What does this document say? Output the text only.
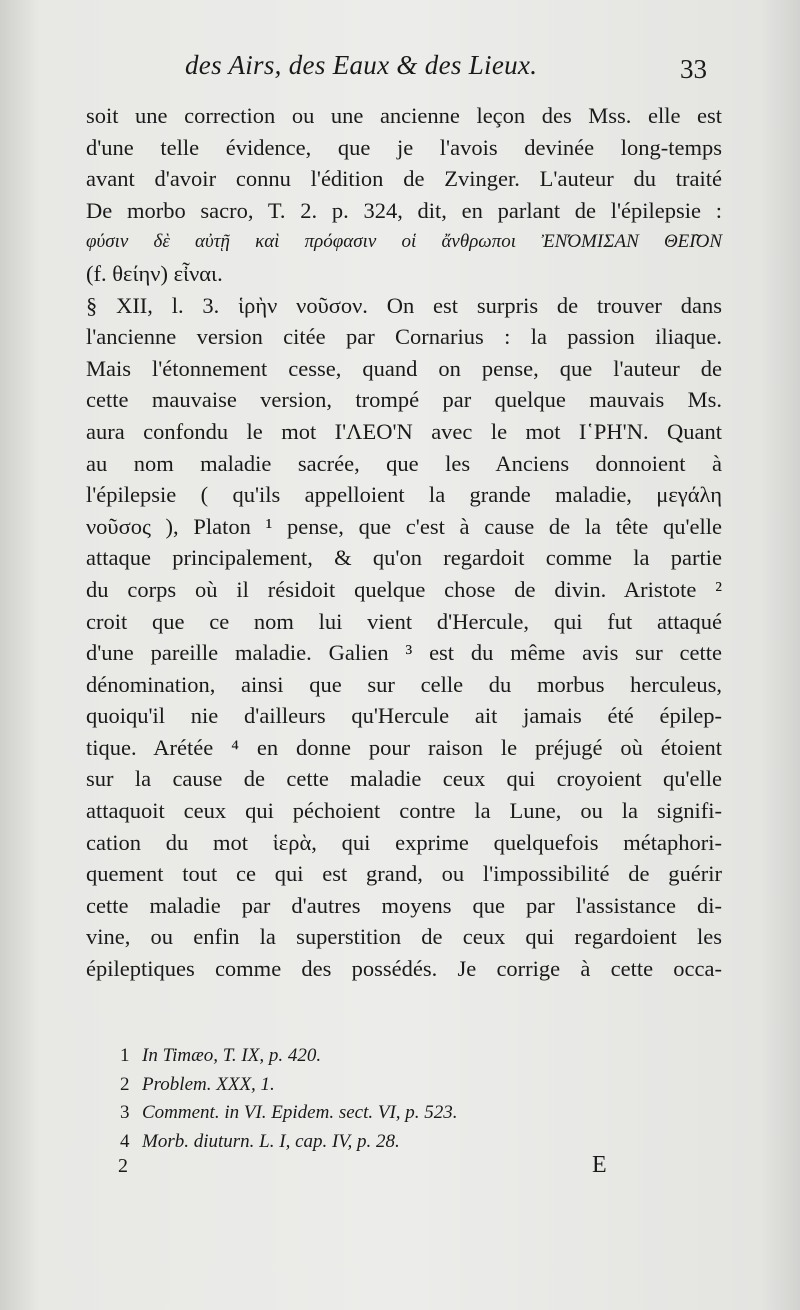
des Airs, des Eaux & des Lieux.	33
soit une correction ou une ancienne leçon des Mss. elle est
d'une telle évidence, que je l'avois devinée long-temps
avant d'avoir connu l'édition de Zvinger. L'auteur du traité
De morbo sacro, T. 2. p. 324, dit, en parlant de l'épilepsie :
φύσιν δὲ αὐτῇ καὶ πρόφασιν οἱ ἄνθρωποι ἘΝΌΜΙΣΑΝ ΘΕΙ͂ΟΝ
(f. θείην) εἶναι.
§ XII, l. 3. ἱρὴν νοῦσον. On est surpris de trouver dans
l'ancienne version citée par Cornarius : la passion iliaque.
Mais l'étonnement cesse, quand on pense, que l'auteur de
cette mauvaise version, trompé par quelque mauvais Ms.
aura confondu le mot Ι'ΛΕΟ'Ν avec le mot Ι῾ΡΗ'Ν. Quant
au nom maladie sacrée, que les Anciens donnoient à
l'épilepsie ( qu'ils appelloient la grande maladie, μεγάλη
νοῦσος ), Platon ¹ pense, que c'est à cause de la tête qu'elle
attaque principalement, & qu'on regardoit comme la partie
du corps où il résidoit quelque chose de divin. Aristote ²
croit que ce nom lui vient d'Hercule, qui fut attaqué
d'une pareille maladie. Galien ³ est du même avis sur cette
dénomination, ainsi que sur celle du morbus herculeus,
quoiqu'il nie d'ailleurs qu'Hercule ait jamais été épilep-
tique. Arétée ⁴ en donne pour raison le préjugé où étoient
sur la cause de cette maladie ceux qui croyoient qu'elle
attaquoit ceux qui péchoient contre la Lune, ou la signifi-
cation du mot ἱερὰ, qui exprime quelquefois métaphori-
quement tout ce qui est grand, ou l'impossibilité de guérir
cette maladie par d'autres moyens que par l'assistance di-
vine, ou enfin la superstition de ceux qui regardoient les
épileptiques comme des possédés. Je corrige à cette occa-
1 In Timæo, T. IX, p. 420.
2 Problem. XXX, 1.
3 Comment. in VI. Epidem. sect. VI, p. 523.
4 Morb. diuturn. L. I, cap. IV, p. 28.
2	E
